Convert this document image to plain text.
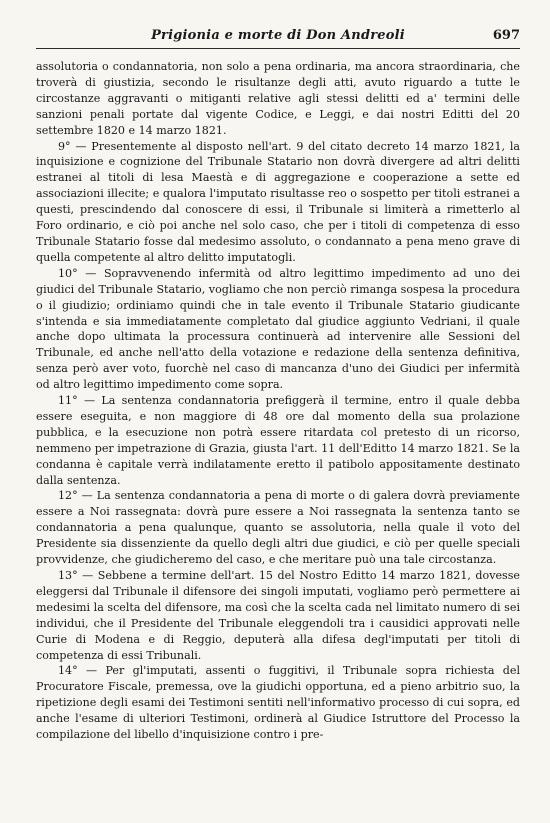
Prigionia e morte di Don Andreoli	697

assolutoria o condannatoria, non solo a pena ordinaria, ma ancora straordinaria, che troverà di giustizia, secondo le risultanze degli atti, avuto riguardo a tutte le circostanze aggravanti o mitiganti relative agli stessi delitti ed a' termini delle sanzioni penali portate dal vigente Codice, e Leggi, e dai nostri Editti del 20 settembre 1820 e 14 marzo 1821.

9° — Presentemente al disposto nell'art. 9 del citato decreto 14 marzo 1821, la inquisizione e cognizione del Tribunale Statario non dovrà divergere ad altri delitti estranei al titoli di lesa Maestà e di aggregazione e cooperazione a sette ed associazioni illecite; e qualora l'imputato risultasse reo o sospetto per titoli estranei a questi, prescindendo dal conoscere di essi, il Tribunale si limiterà a rimetterlo al Foro ordinario, e ciò poi anche nel solo caso, che per i titoli di competenza di esso Tribunale Statario fosse dal medesimo assoluto, o condannato a pena meno grave di quella competente al altro delitto imputatogli.

10° — Sopravvenendo infermità od altro legittimo impedimento ad uno dei giudici del Tribunale Statario, vogliamo che non perciò rimanga sospesa la procedura o il giudizio; ordiniamo quindi che in tale evento il Tribunale Statario giudicante s'intenda e sia immediatamente completato dal giudice aggiunto Vedriani, il quale anche dopo ultimata la processura continuerà ad intervenire alle Sessioni del Tribunale, ed anche nell'atto della votazione e redazione della sentenza definitiva, senza però aver voto, fuorchè nel caso di mancanza d'uno dei Giudici per infermità od altro legittimo impedimento come sopra.

11° — La sentenza condannatoria prefiggerà il termine, entro il quale debba essere eseguita, e non maggiore di 48 ore dal momento della sua prolazione pubblica, e la esecuzione non potrà essere ritardata col pretesto di un ricorso, nemmeno per impetrazione di Grazia, giusta l'art. 11 dell'Editto 14 marzo 1821. Se la condanna è capitale verrà indilatamente eretto il patibolo appositamente destinato dalla sentenza.

12° — La sentenza condannatoria a pena di morte o di galera dovrà previamente essere a Noi rassegnata: dovrà pure essere a Noi rassegnata la sentenza tanto se condannatoria a pena qualunque, quanto se assolutoria, nella quale il voto del Presidente sia dissenziente da quello degli altri due giudici, e ciò per quelle speciali provvidenze, che giudicheremo del caso, e che meritare può una tale circostanza.

13° — Sebbene a termine dell'art. 15 del Nostro Editto 14 marzo 1821, dovesse eleggersi dal Tribunale il difensore dei singoli imputati, vogliamo però permettere ai medesimi la scelta del difensore, ma così che la scelta cada nel limitato numero di sei individui, che il Presidente del Tribunale eleggendoli tra i causidici approvati nelle Curie di Modena e di Reggio, deputerà alla difesa degl'imputati per titoli di competenza di essi Tribunali.

14° — Per gl'imputati, assenti o fuggitivi, il Tribunale sopra richiesta del Procuratore Fiscale, premessa, ove la giudichi opportuna, ed a pieno arbitrio suo, la ripetizione degli esami dei Testimoni sentiti nell'informativo processo di cui sopra, ed anche l'esame di ulteriori Testimoni, ordinerà al Giudice Istruttore del Processo la compilazione del libello d'inquisizione contro i pre-
